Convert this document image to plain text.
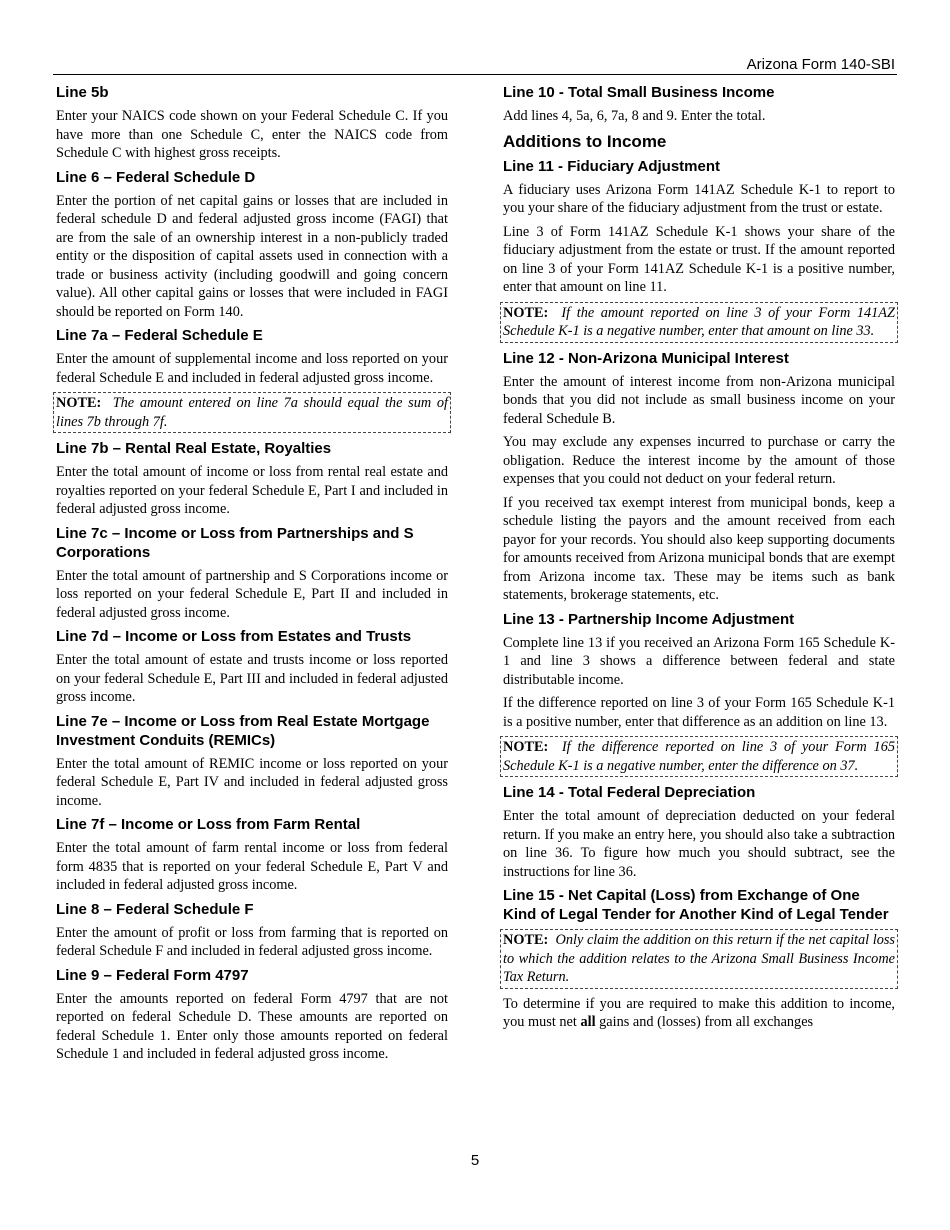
Arizona Form 140-SBI
Line 5b

Enter your NAICS code shown on your Federal Schedule C. If you have more than one Schedule C, enter the NAICS code from Schedule C with highest gross receipts.

Line 6 – Federal Schedule D

Enter the portion of net capital gains or losses that are included in federal schedule D and federal adjusted gross income (FAGI) that are from the sale of an ownership interest in a non-publicly traded entity or the disposition of capital assets used in connection with a trade or business activity (including goodwill and going concern value). All other capital gains or losses that were included in FAGI should be reported on Form 140.

Line 7a – Federal Schedule E

Enter the amount of supplemental income and loss reported on your federal Schedule E and included in federal adjusted gross income.

NOTE: The amount entered on line 7a should equal the sum of lines 7b through 7f.
Line 7b – Rental Real Estate, Royalties

Enter the total amount of income or loss from rental real estate and royalties reported on your federal Schedule E, Part I and included in federal adjusted gross income.

Line 7c – Income or Loss from Partnerships and S Corporations

Enter the total amount of partnership and S Corporations income or loss reported on your federal Schedule E, Part II and included in federal adjusted gross income.

Line 7d – Income or Loss from Estates and Trusts

Enter the total amount of estate and trusts income or loss reported on your federal Schedule E, Part III and included in federal adjusted gross income.

Line 7e – Income or Loss from Real Estate Mortgage Investment Conduits (REMICs)

Enter the total amount of REMIC income or loss reported on your federal Schedule E, Part IV and included in federal adjusted gross income.

Line 7f – Income or Loss from Farm Rental

Enter the total amount of farm rental income or loss from federal form 4835 that is reported on your federal Schedule E, Part V and included in federal adjusted gross income.

Line 8 – Federal Schedule F

Enter the amount of profit or loss from farming that is reported on federal Schedule F and included in federal adjusted gross income.

Line 9 – Federal Form 4797

Enter the amounts reported on federal Form 4797 that are not reported on federal Schedule D. These amounts are reported on federal Schedule 1. Enter only those amounts reported on federal Schedule 1 and included in federal adjusted gross income.

Line 10 - Total Small Business Income

Add lines 4, 5a, 6, 7a, 8 and 9. Enter the total.

Additions to Income
Line 11 - Fiduciary Adjustment

A fiduciary uses Arizona Form 141AZ Schedule K-1 to report to you your share of the fiduciary adjustment from the trust or estate.

Line 3 of Form 141AZ Schedule K-1 shows your share of the fiduciary adjustment from the estate or trust. If the amount reported on line 3 of your Form 141AZ Schedule K-1 is a positive number, enter that amount on line 11.

NOTE: If the amount reported on line 3 of your Form 141AZ Schedule K-1 is a negative number, enter that amount on line 33.
Line 12 - Non-Arizona Municipal Interest

Enter the amount of interest income from non-Arizona municipal bonds that you did not include as small business income on your federal Schedule B.

You may exclude any expenses incurred to purchase or carry the obligation. Reduce the interest income by the amount of those expenses that you could not deduct on your federal return.

If you received tax exempt interest from municipal bonds, keep a schedule listing the payors and the amount received from each payor for your records. You should also keep supporting documents for amounts received from Arizona municipal bonds that are exempt from Arizona income tax. These may be items such as bank statements, brokerage statements, etc.

Line 13 - Partnership Income Adjustment

Complete line 13 if you received an Arizona Form 165 Schedule K-1 and line 3 shows a difference between federal and state distributable income.

If the difference reported on line 3 of your Form 165 Schedule K-1 is a positive number, enter that difference as an addition on line 13.

NOTE: If the difference reported on line 3 of your Form 165 Schedule K-1 is a negative number, enter the difference on 37.
Line 14 - Total Federal Depreciation

Enter the total amount of depreciation deducted on your federal return. If you make an entry here, you should also take a subtraction on line 36. To figure how much you should subtract, see the instructions for line 36.

Line 15 - Net Capital (Loss) from Exchange of One Kind of Legal Tender for Another Kind of Legal Tender
NOTE: Only claim the addition on this return if the net capital loss to which the addition relates to the Arizona Small Business Income Tax Return.

To determine if you are required to make this addition to income, you must net all gains and (losses) from all exchanges

5
